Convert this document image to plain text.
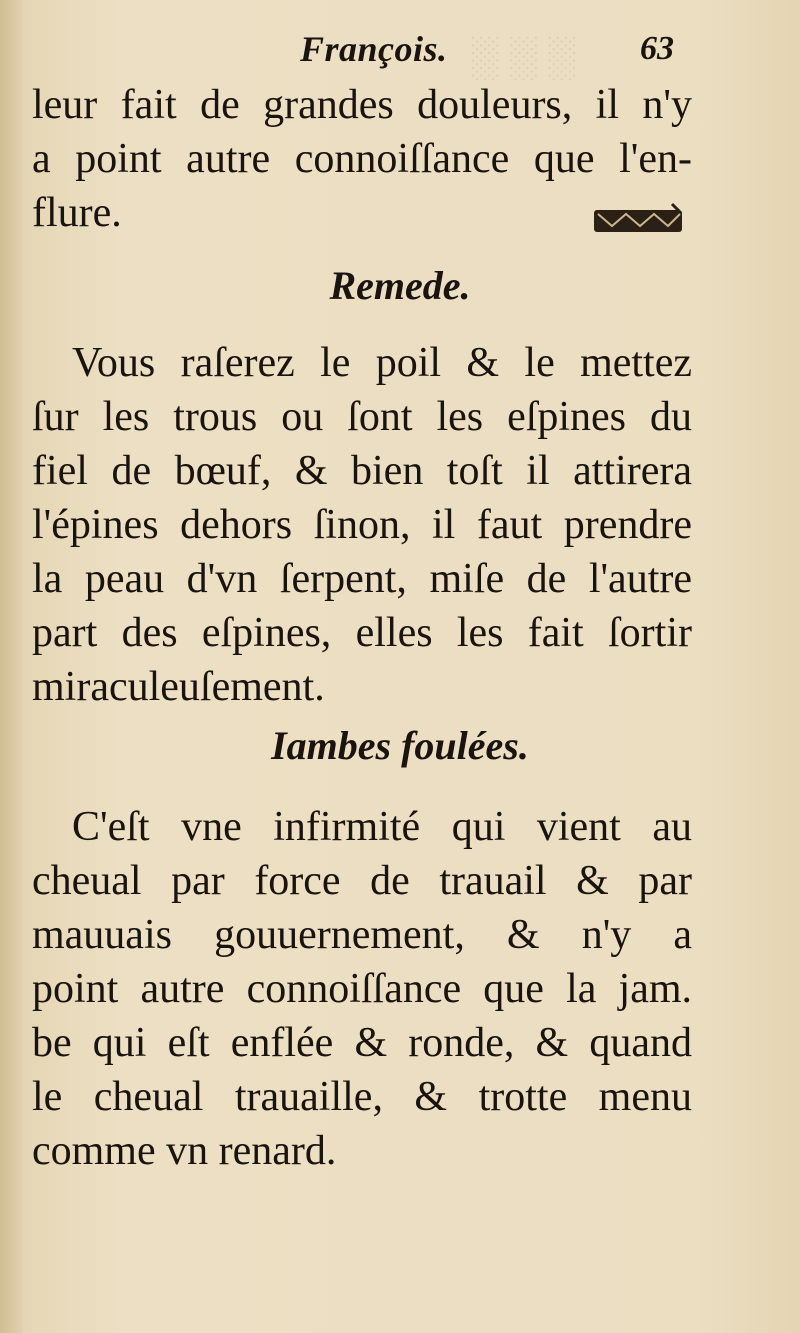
░ ░ ░
François.	63
leur fait de grandes douleurs, il n'y
a point autre connoiſſance que l'en-
flure.
Remede.
Vous raſerez le poil & le mettez
ſur les trous ou ſont les eſpines du
fiel de bœuf, & bien toſt il attirera
l'épines dehors ſinon, il faut prendre
la peau d'vn ſerpent, miſe de l'autre
part des eſpines, elles les fait ſortir
miraculeuſement.
Iambes foulées.
C'eſt vne infirmité qui vient au
cheual par force de trauail & par
mauuais gouuernement, & n'y a
point autre connoiſſance que la jam.
be qui eſt enflée & ronde, & quand
le cheual trauaille, & trotte menu
comme vn renard.
